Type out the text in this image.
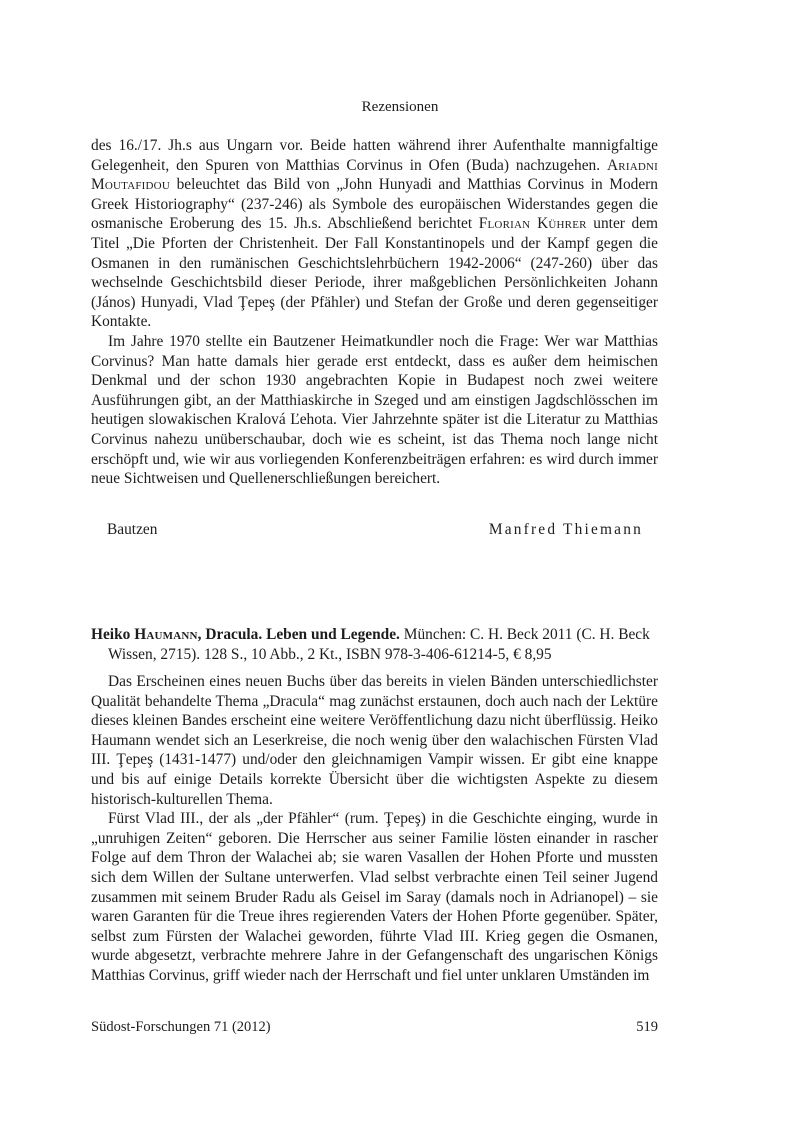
Rezensionen

des 16./17. Jh.s aus Ungarn vor. Beide hatten während ihrer Aufenthalte mannigfaltige Gelegenheit, den Spuren von Matthias Corvinus in Ofen (Buda) nachzugehen. Ariadni Moutafidou beleuchtet das Bild von „John Hunyadi and Matthias Corvinus in Modern Greek Historiography“ (237-246) als Symbole des europäischen Widerstandes gegen die osmanische Eroberung des 15. Jh.s. Abschließend berichtet Florian Kührer unter dem Titel „Die Pforten der Christenheit. Der Fall Konstantinopels und der Kampf gegen die Osmanen in den rumänischen Geschichtslehrbüchern 1942-2006“ (247-260) über das wechselnde Geschichtsbild dieser Periode, ihrer maßgeblichen Persönlichkeiten Johann (János) Hunyadi, Vlad Ţepeş (der Pfähler) und Stefan der Große und deren gegenseitiger Kontakte.

Im Jahre 1970 stellte ein Bautzener Heimatkundler noch die Frage: Wer war Matthias Corvinus? Man hatte damals hier gerade erst entdeckt, dass es außer dem heimischen Denkmal und der schon 1930 angebrachten Kopie in Budapest noch zwei weitere Ausführungen gibt, an der Matthiaskirche in Szeged und am einstigen Jagdschlösschen im heutigen slowakischen Kralová Ľehota. Vier Jahrzehnte später ist die Literatur zu Matthias Corvinus nahezu unüberschaubar, doch wie es scheint, ist das Thema noch lange nicht erschöpft und, wie wir aus vorliegenden Konferenzbeiträgen erfahren: es wird durch immer neue Sichtweisen und Quellenerschließungen bereichert.

Bautzen	Manfred Thiemann

Heiko Haumann, Dracula. Leben und Legende. München: C. H. Beck 2011 (C. H. Beck Wissen, 2715). 128 S., 10 Abb., 2 Kt., ISBN 978-3-406-61214-5, € 8,95

Das Erscheinen eines neuen Buchs über das bereits in vielen Bänden unterschiedlichster Qualität behandelte Thema „Dracula“ mag zunächst erstaunen, doch auch nach der Lektüre dieses kleinen Bandes erscheint eine weitere Veröffentlichung dazu nicht überflüssig. Heiko Haumann wendet sich an Leserkreise, die noch wenig über den walachischen Fürsten Vlad III. Ţepeş (1431-1477) und/oder den gleichnamigen Vampir wissen. Er gibt eine knappe und bis auf einige Details korrekte Übersicht über die wichtigsten Aspekte zu diesem historisch-kulturellen Thema.

Fürst Vlad III., der als „der Pfähler“ (rum. Ţepeş) in die Geschichte einging, wurde in „unruhigen Zeiten“ geboren. Die Herrscher aus seiner Familie lösten einander in rascher Folge auf dem Thron der Walachei ab; sie waren Vasallen der Hohen Pforte und mussten sich dem Willen der Sultane unterwerfen. Vlad selbst verbrachte einen Teil seiner Jugend zusammen mit seinem Bruder Radu als Geisel im Saray (damals noch in Adrianopel) – sie waren Garanten für die Treue ihres regierenden Vaters der Hohen Pforte gegenüber. Später, selbst zum Fürsten der Walachei geworden, führte Vlad III. Krieg gegen die Osmanen, wurde abgesetzt, verbrachte mehrere Jahre in der Gefangenschaft des ungarischen Königs Matthias Corvinus, griff wieder nach der Herrschaft und fiel unter unklaren Umständen im

Südost-Forschungen 71 (2012)	519
